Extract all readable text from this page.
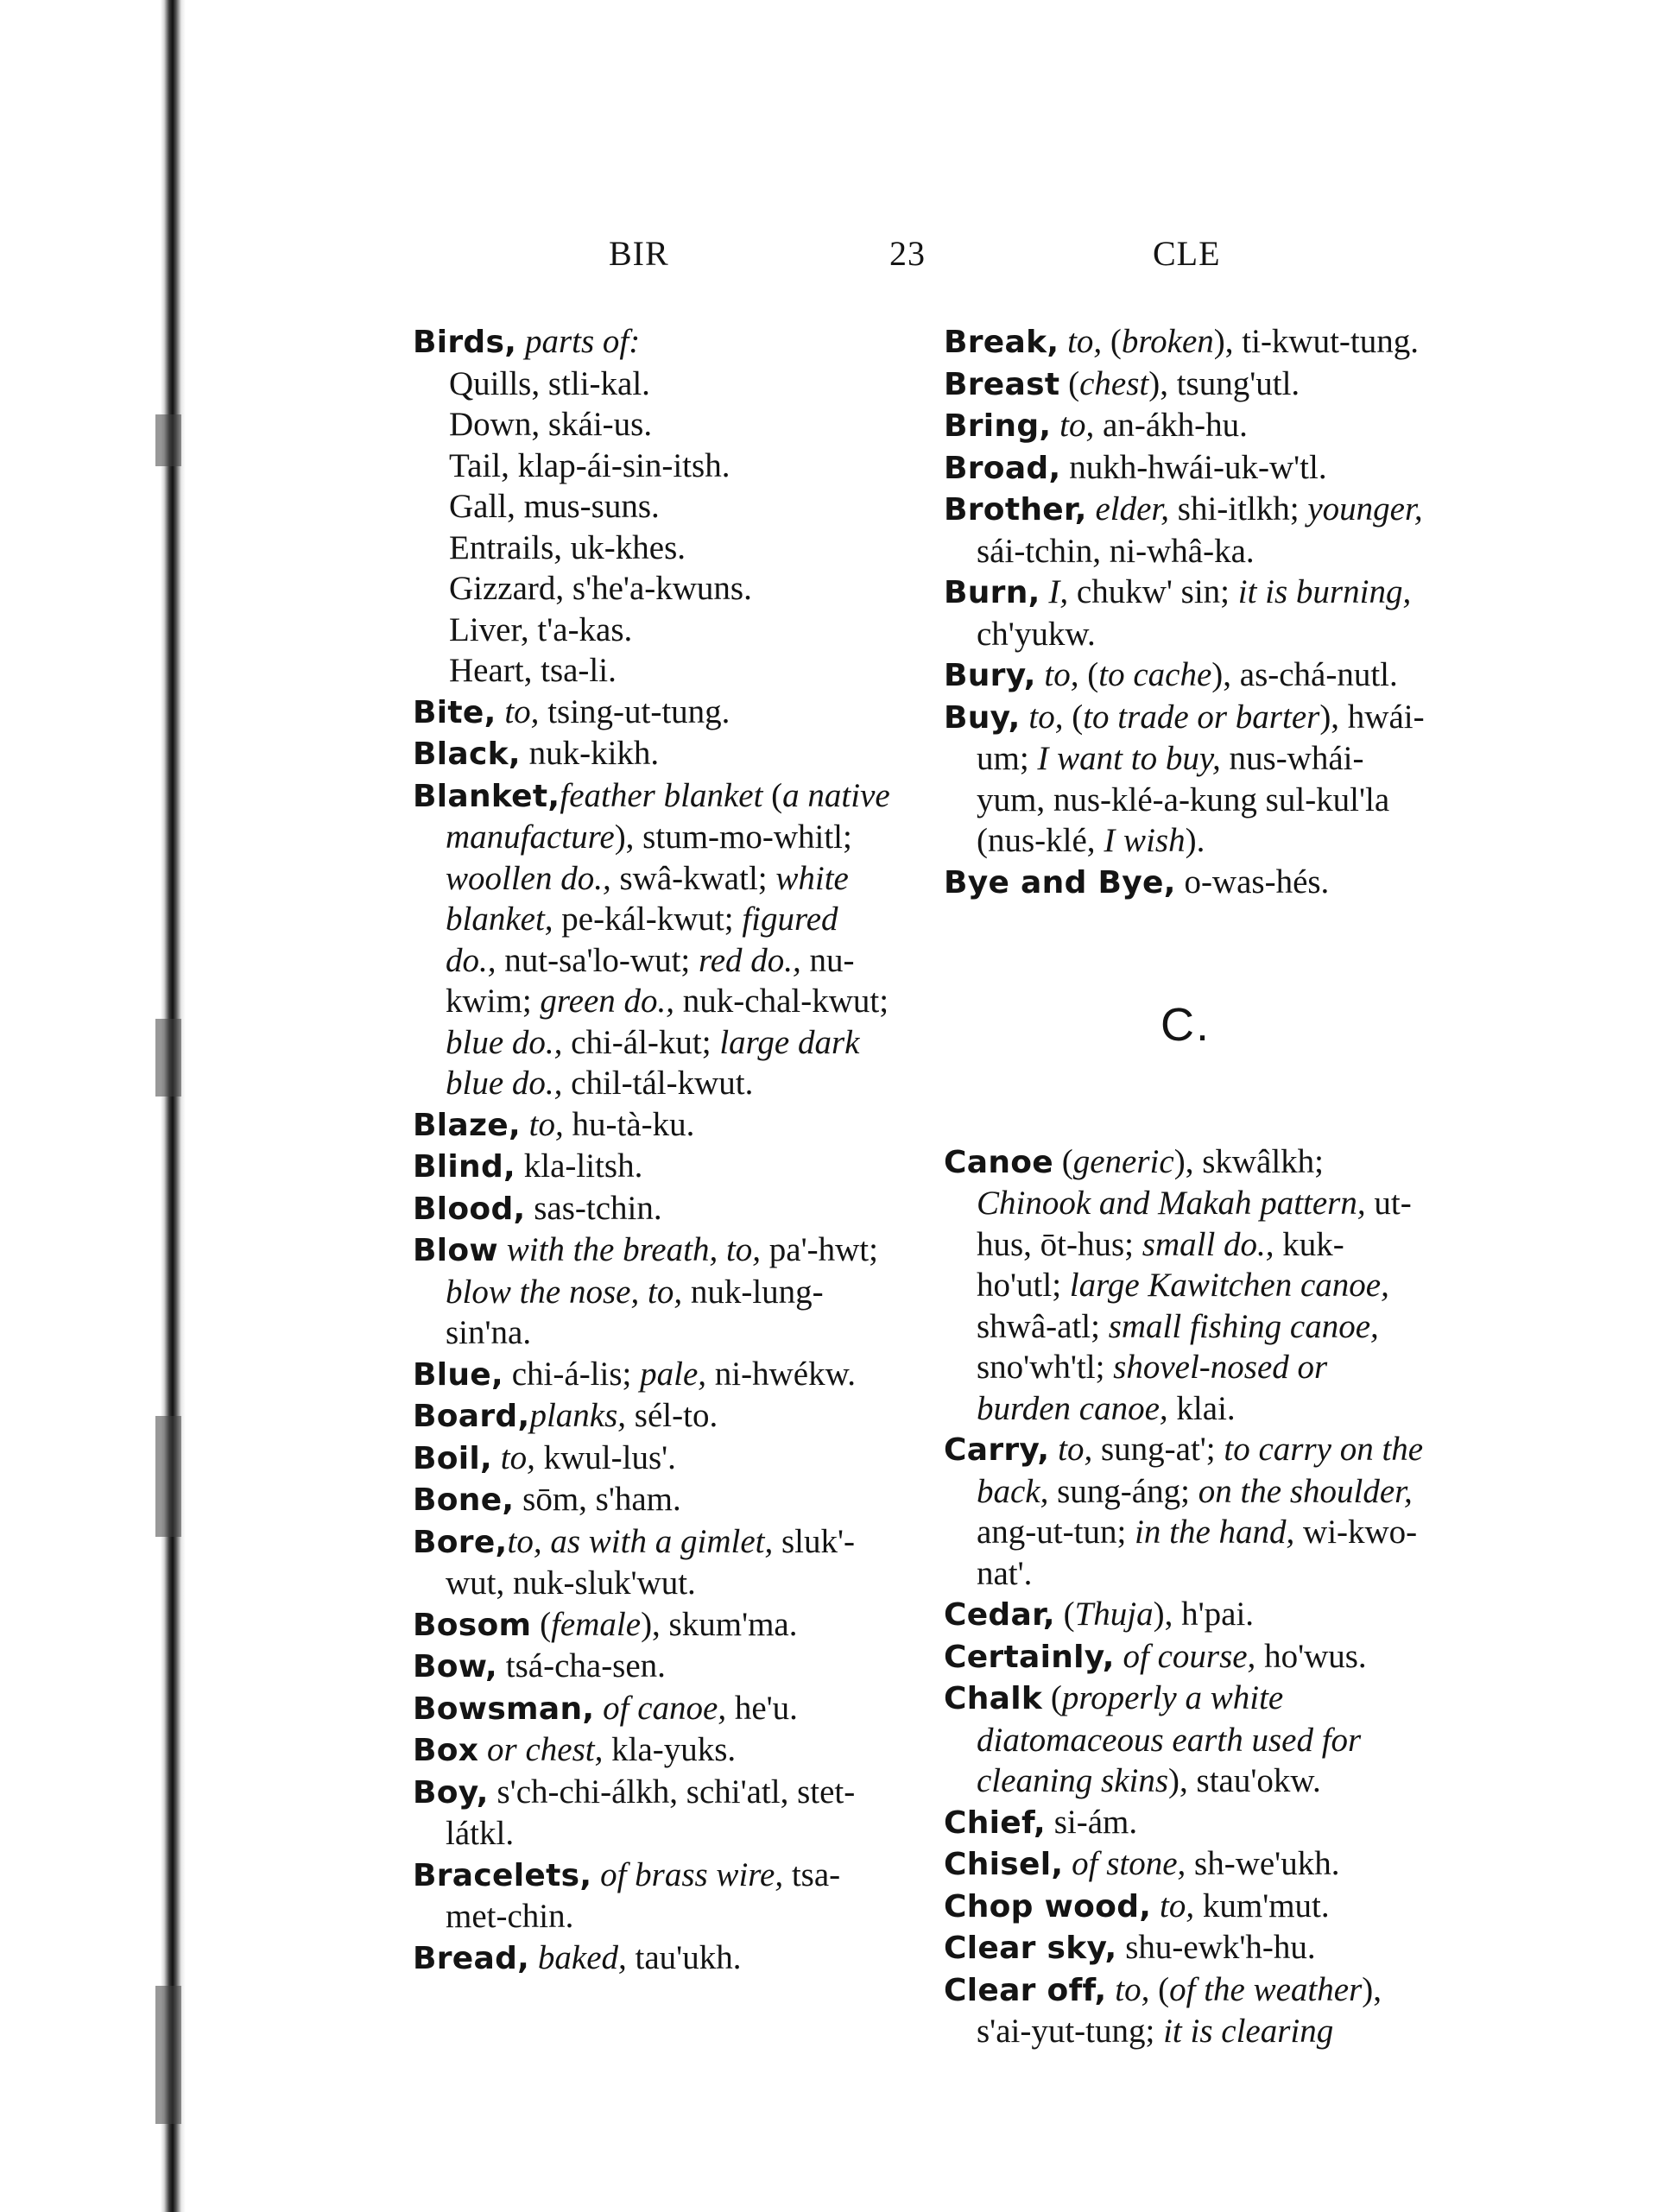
BIR	23	CLE
Birds, parts of:
Quills, stli-kal.
Down, skái-us.
Tail, klap-ái-sin-itsh.
Gall, mus-suns.
Entrails, uk-khes.
Gizzard, s'he'a-kwuns.
Liver, t'a-kas.
Heart, tsa-li.
Bite, to, tsing-ut-tung.
Black, nuk-kikh.
Blanket,feather blanket (a native manufacture), stum-mo-whitl; woollen do., swâ-kwatl; white blanket, pe-kál-kwut; figured do., nut-sa'lo-wut; red do., nu-kwim; green do., nuk-chal-kwut; blue do., chi-ál-kut; large dark blue do., chil-tál-kwut.
Blaze, to, hu-tà-ku.
Blind, kla-litsh.
Blood, sas-tchin.
Blow with the breath, to, pa'-hwt; blow the nose, to, nuk-lung-sin'na.
Blue, chi-á-lis; pale, ni-hwékw.
Board,planks, sél-to.
Boil, to, kwul-lus'.
Bone, sōm, s'ham.
Bore,to, as with a gimlet, sluk'-wut, nuk-sluk'wut.
Bosom (female), skum'ma.
Bow, tsá-cha-sen.
Bowsman, of canoe, he'u.
Box or chest, kla-yuks.
Boy, s'ch-chi-álkh, schi'atl, stet-látkl.
Bracelets, of brass wire, tsa-met-chin.
Bread, baked, tau'ukh.
Break, to, (broken), ti-kwut-tung.
Breast (chest), tsung'utl.
Bring, to, an-ákh-hu.
Broad, nukh-hwái-uk-w'tl.
Brother, elder, shi-itlkh; younger, sái-tchin, ni-whâ-ka.
Burn, I, chukw' sin; it is burning, ch'yukw.
Bury, to, (to cache), as-chá-nutl.
Buy, to, (to trade or barter), hwái-um; I want to buy, nus-whái-yum, nus-klé-a-kung sul-kul'la (nus-klé, I wish).
Bye and Bye, o-was-hés.
C.
Canoe (generic), skwâlkh; Chinook and Makah pattern, ut-hus, ōt-hus; small do., kuk-ho'utl; large Kawitchen canoe, shwâ-atl; small fishing canoe, sno'wh'tl; shovel-nosed or burden canoe, klai.
Carry, to, sung-at'; to carry on the back, sung-áng; on the shoulder, ang-ut-tun; in the hand, wi-kwo-nat'.
Cedar, (Thuja), h'pai.
Certainly, of course, ho'wus.
Chalk (properly a white diatomaceous earth used for cleaning skins), stau'okw.
Chief, si-ám.
Chisel, of stone, sh-we'ukh.
Chop wood, to, kum'mut.
Clear sky, shu-ewk'h-hu.
Clear off, to, (of the weather), s'ai-yut-tung; it is clearing
